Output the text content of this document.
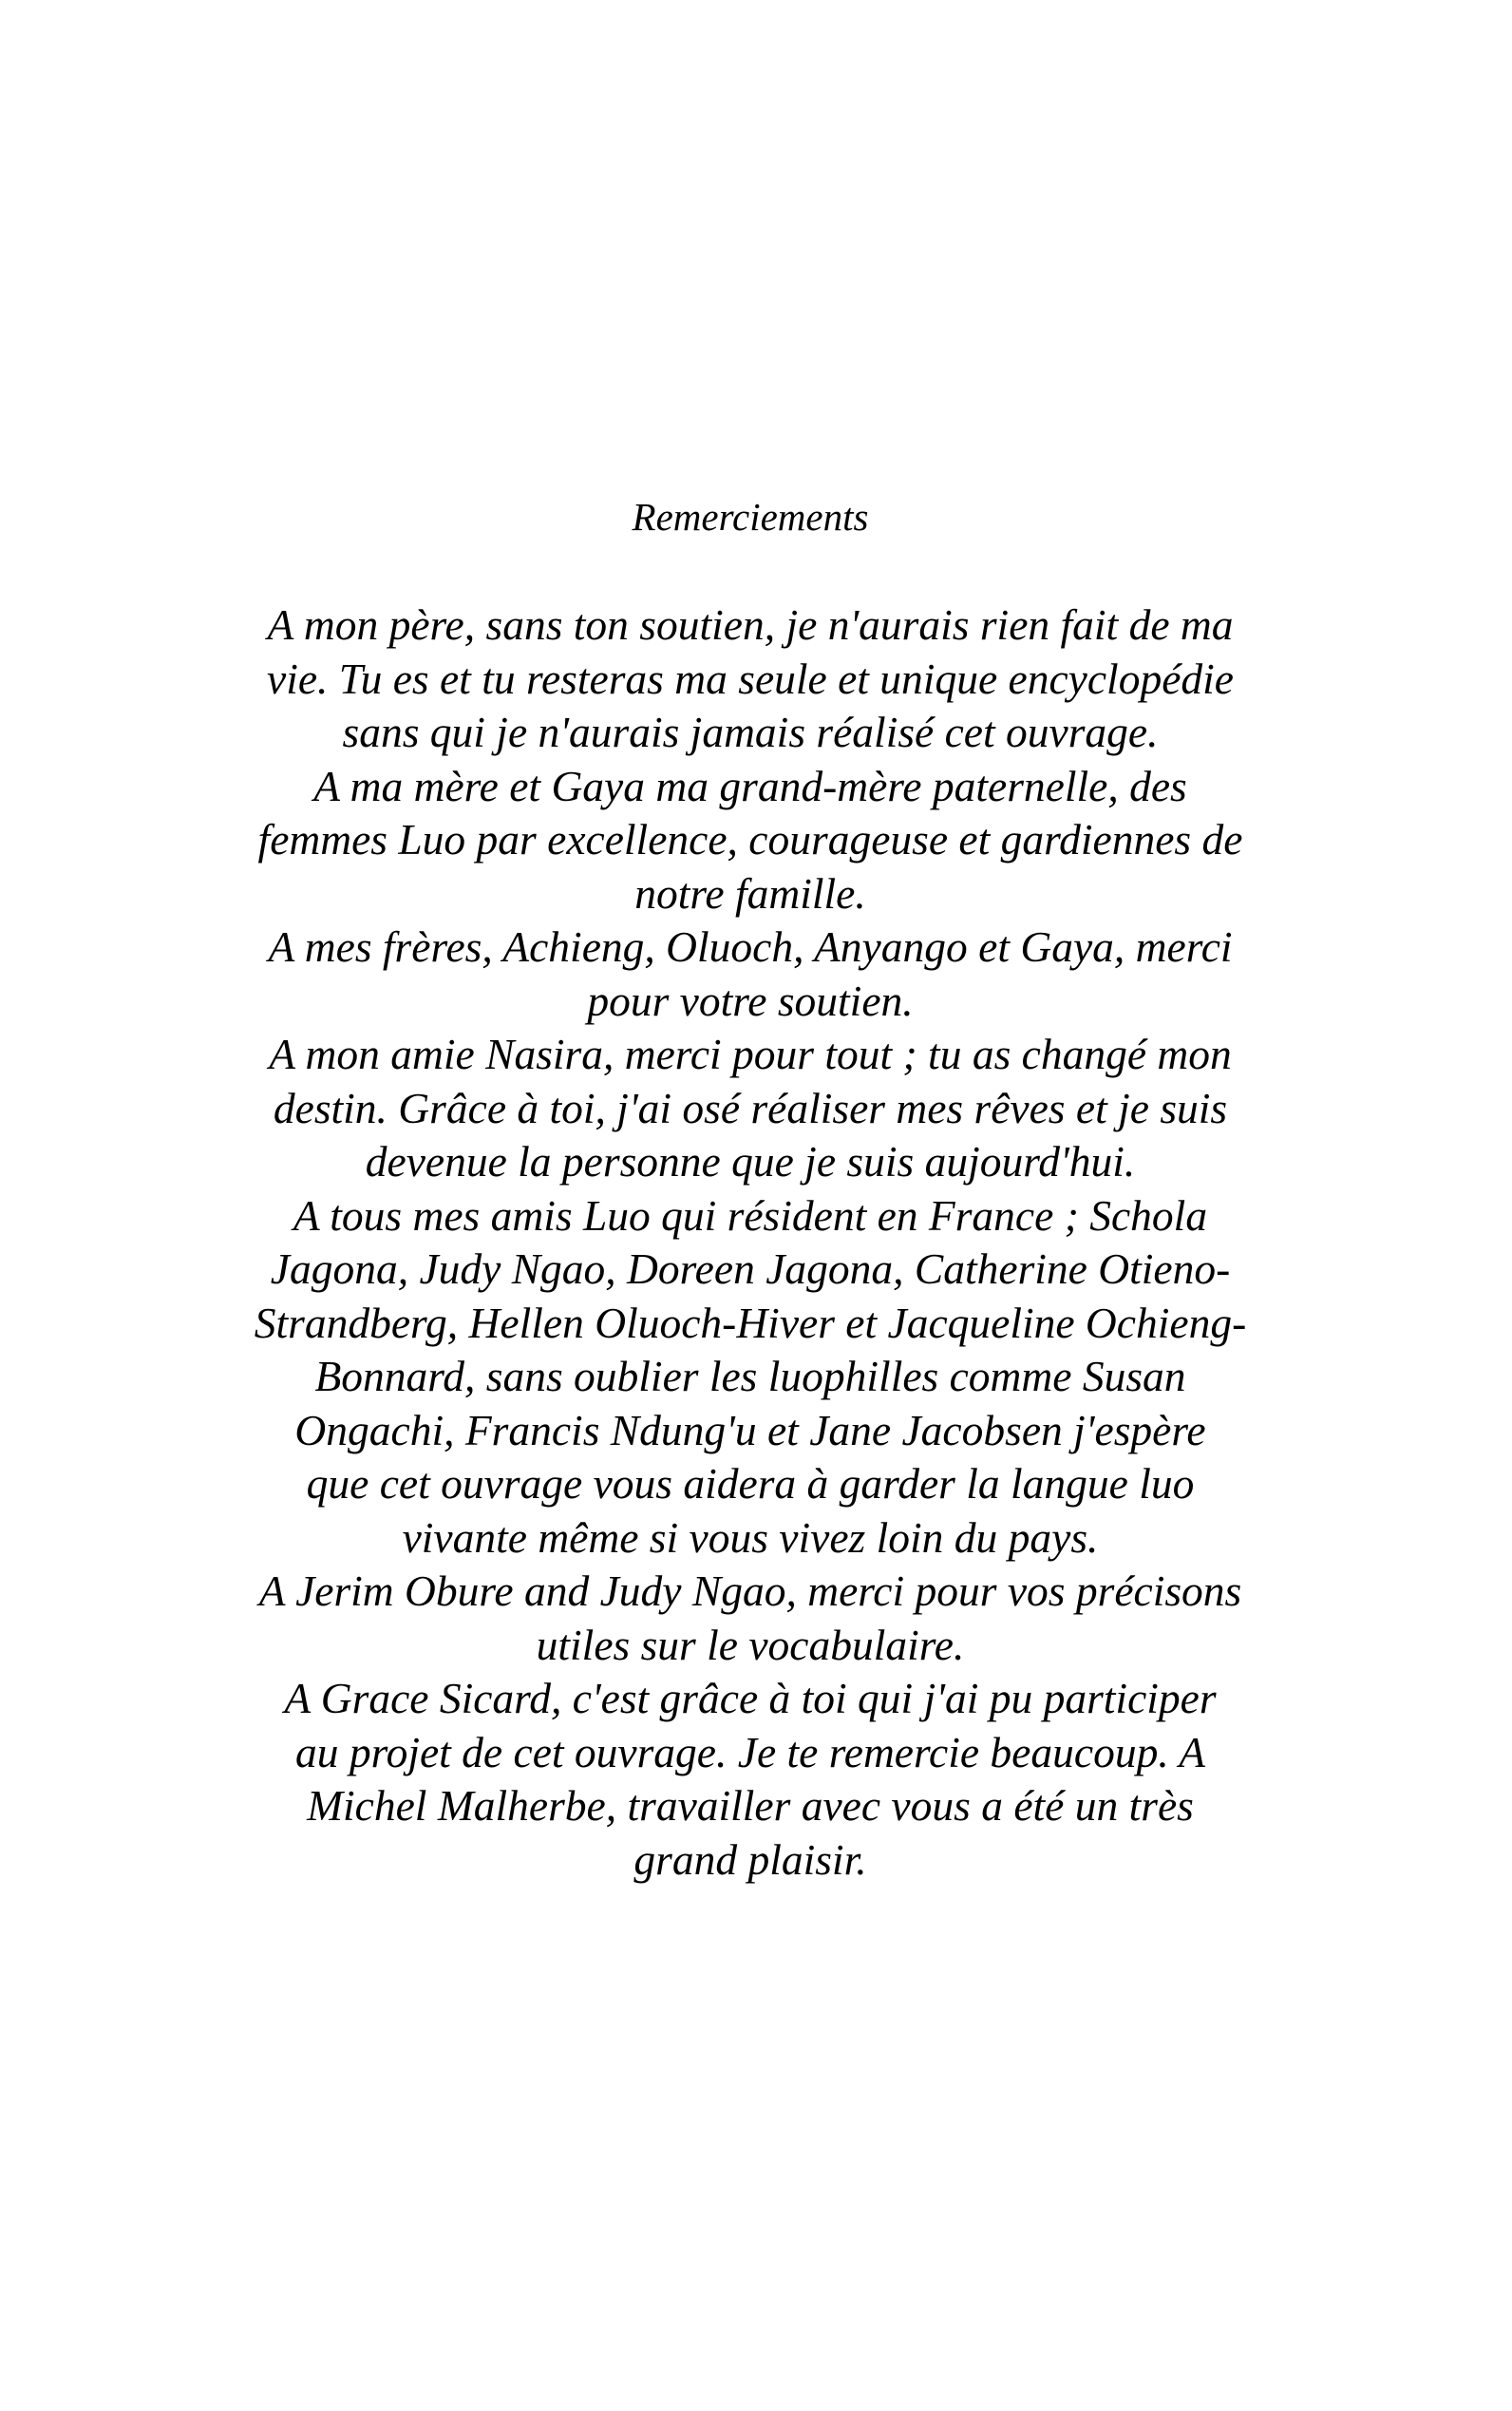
Remerciements

A mon père, sans ton soutien, je n'aurais rien fait de ma
vie. Tu es et tu resteras ma seule et unique encyclopédie
sans qui je n'aurais jamais réalisé cet ouvrage.

A ma mère et Gaya ma grand-mère paternelle, des
femmes Luo par excellence, courageuse et gardiennes de
notre famille.

A mes frères, Achieng, Oluoch, Anyango et Gaya, merci
pour votre soutien.

A mon amie Nasira, merci pour tout ; tu as changé mon
destin. Grâce à toi, j'ai osé réaliser mes rêves et je suis
devenue la personne que je suis aujourd'hui.

A tous mes amis Luo qui résident en France ; Schola
Jagona, Judy Ngao, Doreen Jagona, Catherine Otieno-
Strandberg, Hellen Oluoch-Hiver et Jacqueline Ochieng-
Bonnard, sans oublier les luophilles comme Susan
Ongachi, Francis Ndung'u et Jane Jacobsen j'espère
que cet ouvrage vous aidera à garder la langue luo
vivante même si vous vivez loin du pays.

A Jerim Obure and Judy Ngao, merci pour vos précisons
utiles sur le vocabulaire.

A Grace Sicard, c'est grâce à toi qui j'ai pu participer
au projet de cet ouvrage. Je te remercie beaucoup. A
Michel Malherbe, travailler avec vous a été un très
grand plaisir.
